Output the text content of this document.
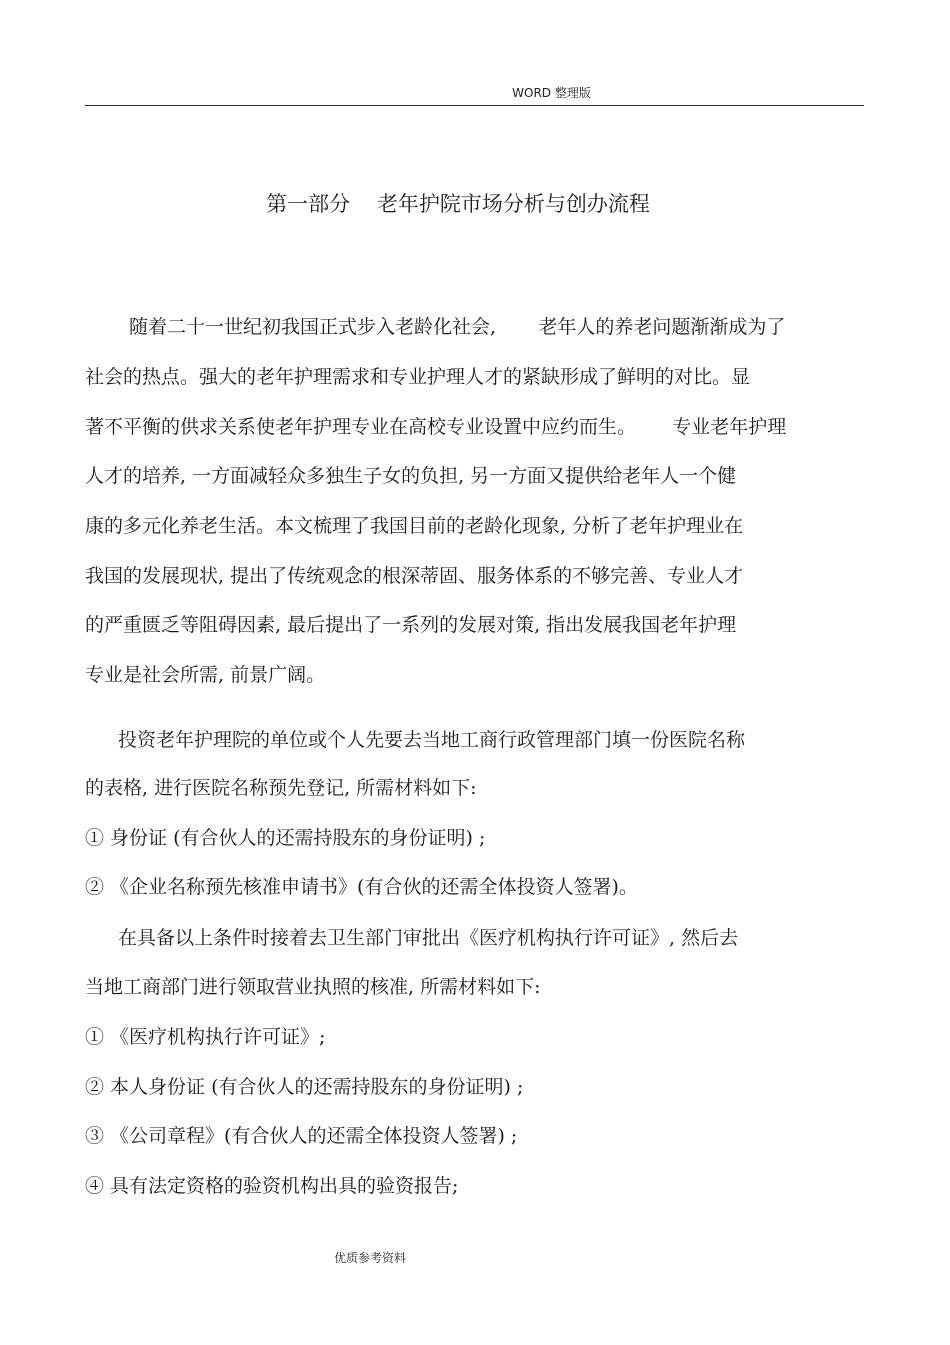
WORD 整理版
第一部分    老年护院市场分析与创办流程
随着二十一世纪初我国正式步入老龄化社会,       老年人的养老问题渐渐成为了
社会的热点。强大的老年护理需求和专业护理人才的紧缺形成了鲜明的对比。显
著不平衡的供求关系使老年护理专业在高校专业设置中应约而生。      专业老年护理
人才的培养, 一方面减轻众多独生子女的负担, 另一方面又提供给老年人一个健
康的多元化养老生活。本文梳理了我国目前的老龄化现象, 分析了老年护理业在
我国的发展现状, 提出了传统观念的根深蒂固、服务体系的不够完善、专业人才
的严重匮乏等阻碍因素, 最后提出了一系列的发展对策, 指出发展我国老年护理
专业是社会所需, 前景广阔。
投资老年护理院的单位或个人先要去当地工商行政管理部门填一份医院名称
的表格, 进行医院名称预先登记, 所需材料如下:
① 身份证 (有合伙人的还需持股东的身份证明) ;
② 《企业名称预先核准申请书》(有合伙的还需全体投资人签署)。
在具备以上条件时接着去卫生部门审批出《医疗机构执行许可证》, 然后去
当地工商部门进行领取营业执照的核准, 所需材料如下:
① 《医疗机构执行许可证》;
② 本人身份证 (有合伙人的还需持股东的身份证明) ;
③ 《公司章程》(有合伙人的还需全体投资人签署) ;
④ 具有法定资格的验资机构出具的验资报告;
优质参考资料
